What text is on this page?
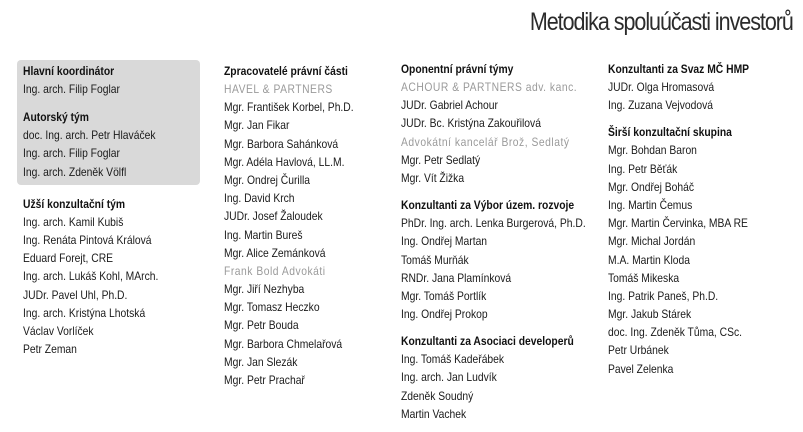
Metodika spoluúčasti investorů
Hlavní koordinátor
Ing. arch. Filip Foglar
Autorský tým
doc. Ing. arch. Petr Hlaváček
Ing. arch. Filip Foglar
Ing. arch. Zdeněk Völfl
Užší konzultační tým
Ing. arch. Kamil Kubiš
Ing. Renáta Pintová Králová
Eduard Forejt, CRE
Ing. arch. Lukáš Kohl, MArch.
JUDr. Pavel Uhl, Ph.D.
Ing. arch. Kristýna Lhotská
Václav Vorlíček
Petr Zeman
Zpracovatelé právní části
HAVEL & PARTNERS
Mgr. František Korbel, Ph.D.
Mgr. Jan Fikar
Mgr. Barbora Sahánková
Mgr. Adéla Havlová, LL.M.
Mgr. Ondrej Čurilla
Ing. David Krch
JUDr. Josef Žaloudek
Ing. Martin Bureš
Mgr. Alice Zemánková
Frank Bold Advokáti
Mgr. Jiří Nezhyba
Mgr. Tomasz Heczko
Mgr. Petr Bouda
Mgr. Barbora Chmelařová
Mgr. Jan Slezák
Mgr. Petr Prachař
Oponentní právní týmy
ACHOUR & PARTNERS adv. kanc.
JUDr. Gabriel Achour
JUDr. Bc. Kristýna Zakouřilová
Advokátní kancelář Brož, Sedlatý
Mgr. Petr Sedlatý
Mgr. Vít Žižka
Konzultanti za Výbor územ. rozvoje
PhDr. Ing. arch. Lenka Burgerová, Ph.D.
Ing. Ondřej Martan
Tomáš Murňák
RNDr. Jana Plamínková
Mgr. Tomáš Portlík
Ing. Ondřej Prokop
Konzultanti za Asociaci developerů
Ing. Tomáš Kadeřábek
Ing. arch. Jan Ludvík
Zdeněk Soudný
Martin Vachek
Konzultanti za Svaz MČ HMP
JUDr. Olga Hromasová
Ing. Zuzana Vejvodová
Širší konzultační skupina
Mgr. Bohdan Baron
Ing. Petr Běťák
Mgr. Ondřej Boháč
Ing. Martin Čemus
Mgr. Martin Červinka, MBA RE
Mgr. Michal Jordán
M.A. Martin Kloda
Tomáš Mikeska
Ing. Patrik Paneš, Ph.D.
Mgr. Jakub Stárek
doc. Ing. Zdeněk Tůma, CSc.
Petr Urbánek
Pavel Zelenka
